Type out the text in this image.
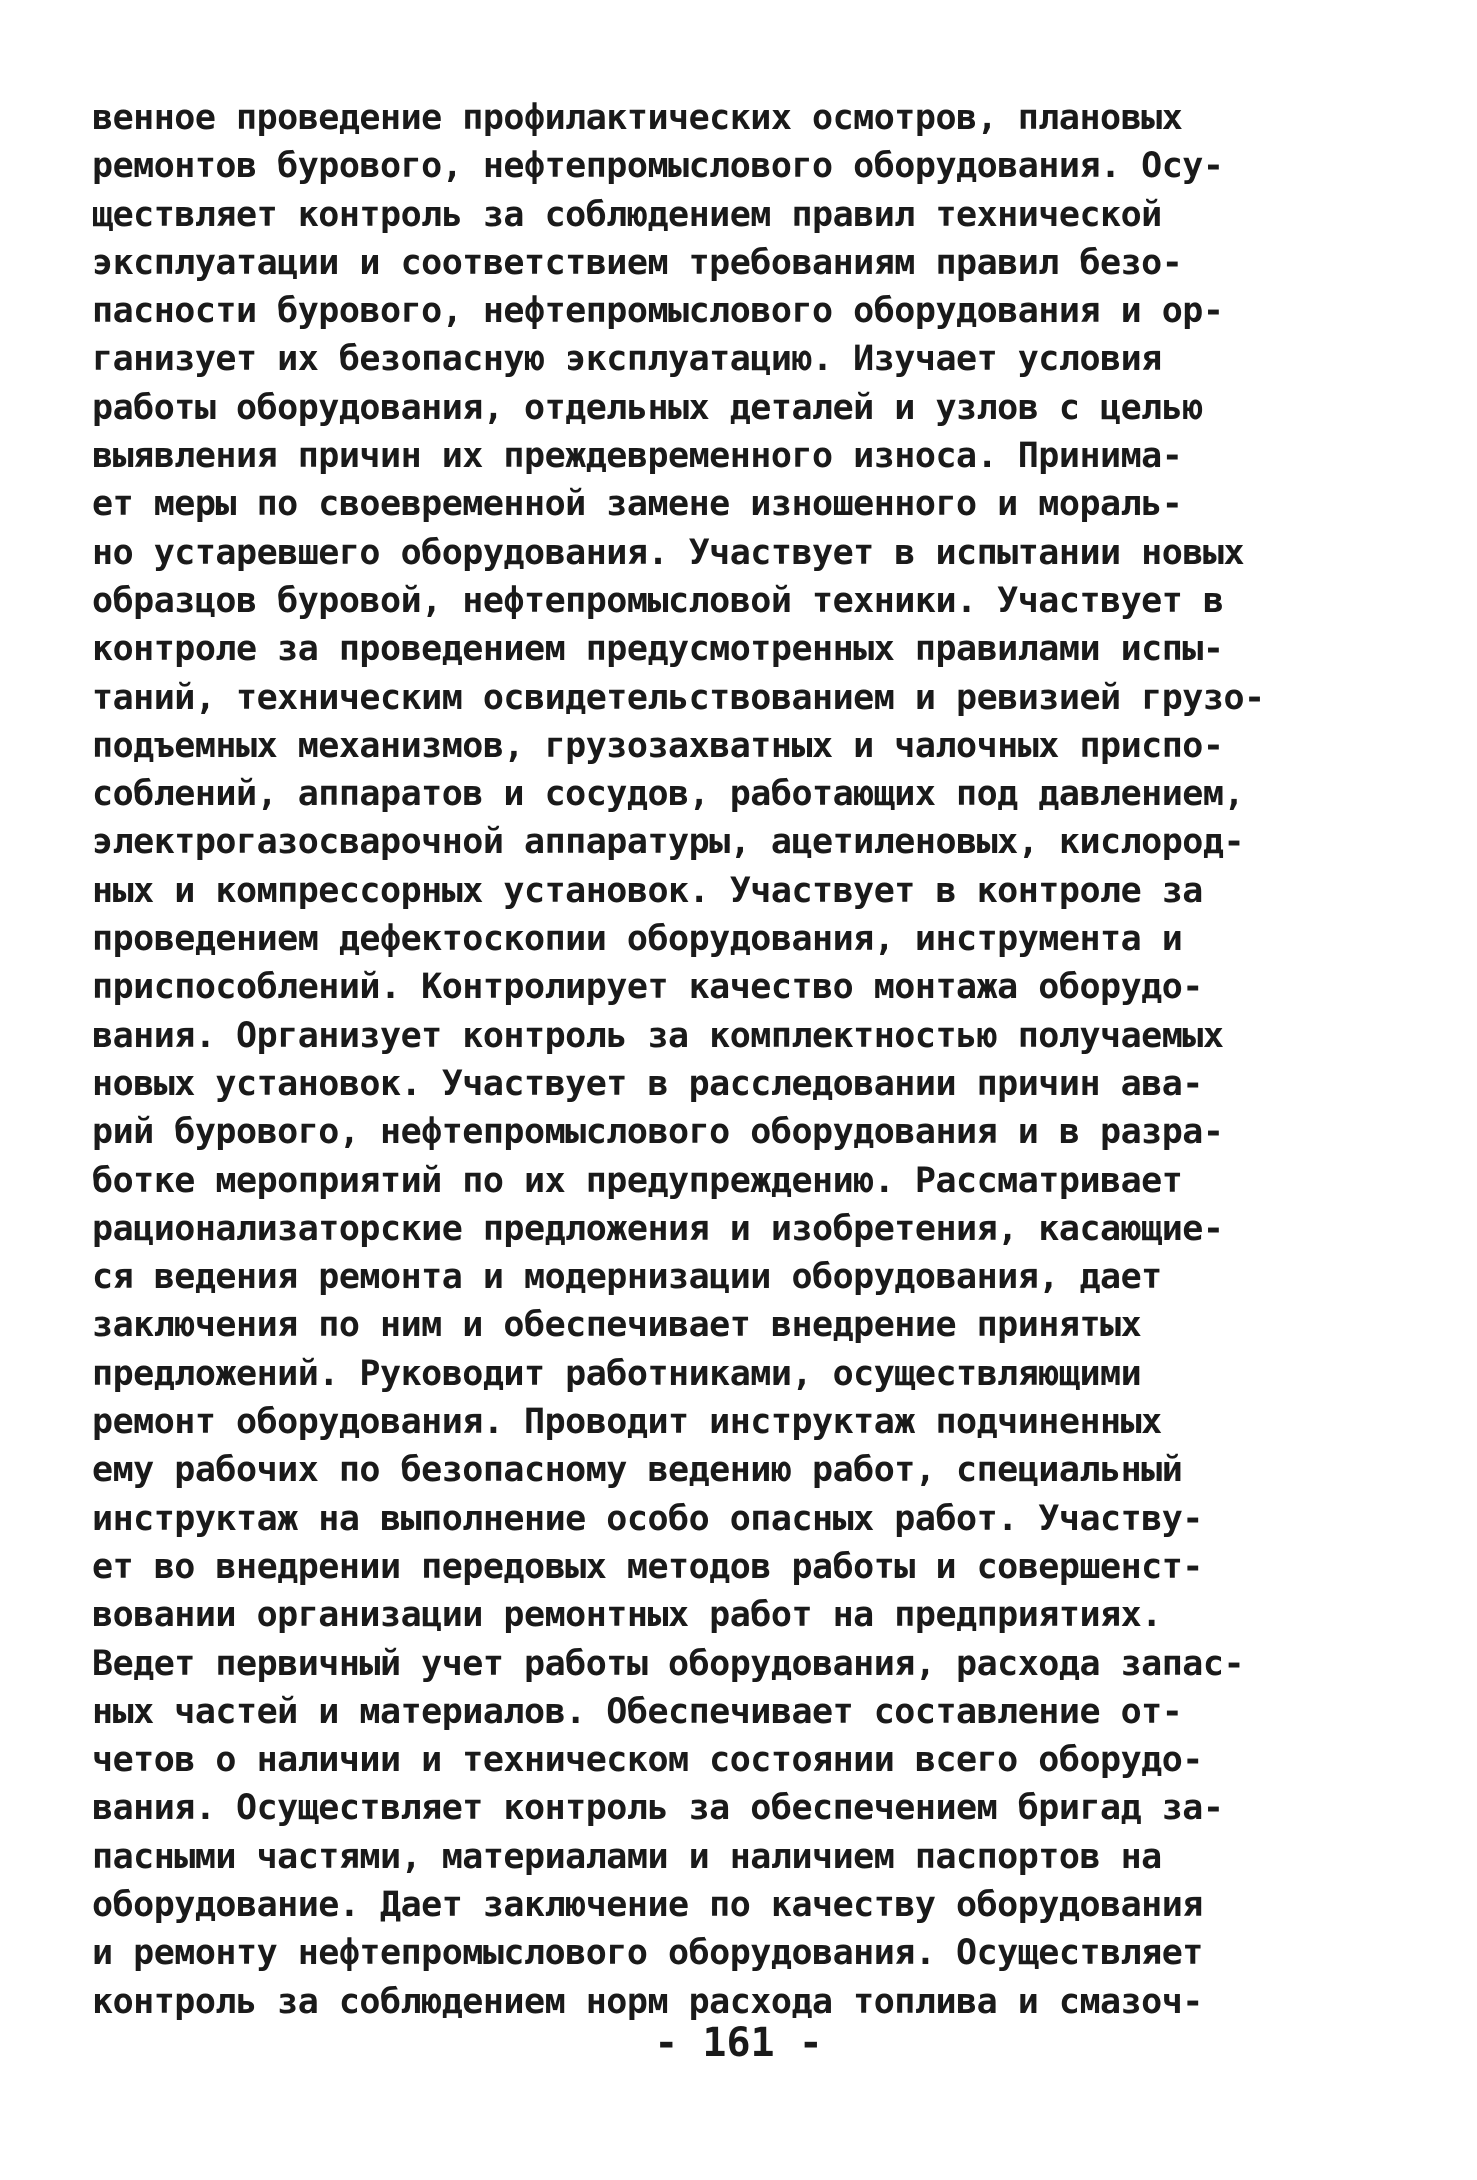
венное проведение профилактических осмотров, плановых
ремонтов бурового, нефтепромыслового оборудования. Осу-
ществляет контроль за соблюдением правил технической
эксплуатации и соответствием требованиям правил безо-
пасности бурового, нефтепромыслового оборудования и ор-
ганизует их безопасную эксплуатацию. Изучает условия
работы оборудования, отдельных деталей и узлов с целью
выявления причин их преждевременного износа. Принима-
ет меры по своевременной замене изношенного и мораль-
но устаревшего оборудования. Участвует в испытании новых
образцов буровой, нефтепромысловой техники. Участвует в
контроле за проведением предусмотренных правилами испы-
таний, техническим освидетельствованием и ревизией грузо-
подъемных механизмов, грузозахватных и чалочных приспо-
соблений, аппаратов и сосудов, работающих под давлением,
электрогазосварочной аппаратуры, ацетиленовых, кислород-
ных и компрессорных установок. Участвует в контроле за
проведением дефектоскопии оборудования, инструмента и
приспособлений. Контролирует качество монтажа оборудо-
вания. Организует контроль за комплектностью получаемых
новых установок. Участвует в расследовании причин ава-
рий бурового, нефтепромыслового оборудования и в разра-
ботке мероприятий по их предупреждению. Рассматривает
рационализаторские предложения и изобретения, касающие-
ся ведения ремонта и модернизации оборудования, дает
заключения по ним и обеспечивает внедрение принятых
предложений. Руководит работниками, осуществляющими
ремонт оборудования. Проводит инструктаж подчиненных
ему рабочих по безопасному ведению работ, специальный
инструктаж на выполнение особо опасных работ. Участву-
ет во внедрении передовых методов работы и совершенст-
вовании организации ремонтных работ на предприятиях.
Ведет первичный учет работы оборудования, расхода запас-
ных частей и материалов. Обеспечивает составление от-
четов о наличии и техническом состоянии всего оборудо-
вания. Осуществляет контроль за обеспечением бригад за-
пасными частями, материалами и наличием паспортов на
оборудование. Дает заключение по качеству оборудования
и ремонту нефтепромыслового оборудования. Осуществляет
контроль за соблюдением норм расхода топлива и смазоч-
- 161 -
